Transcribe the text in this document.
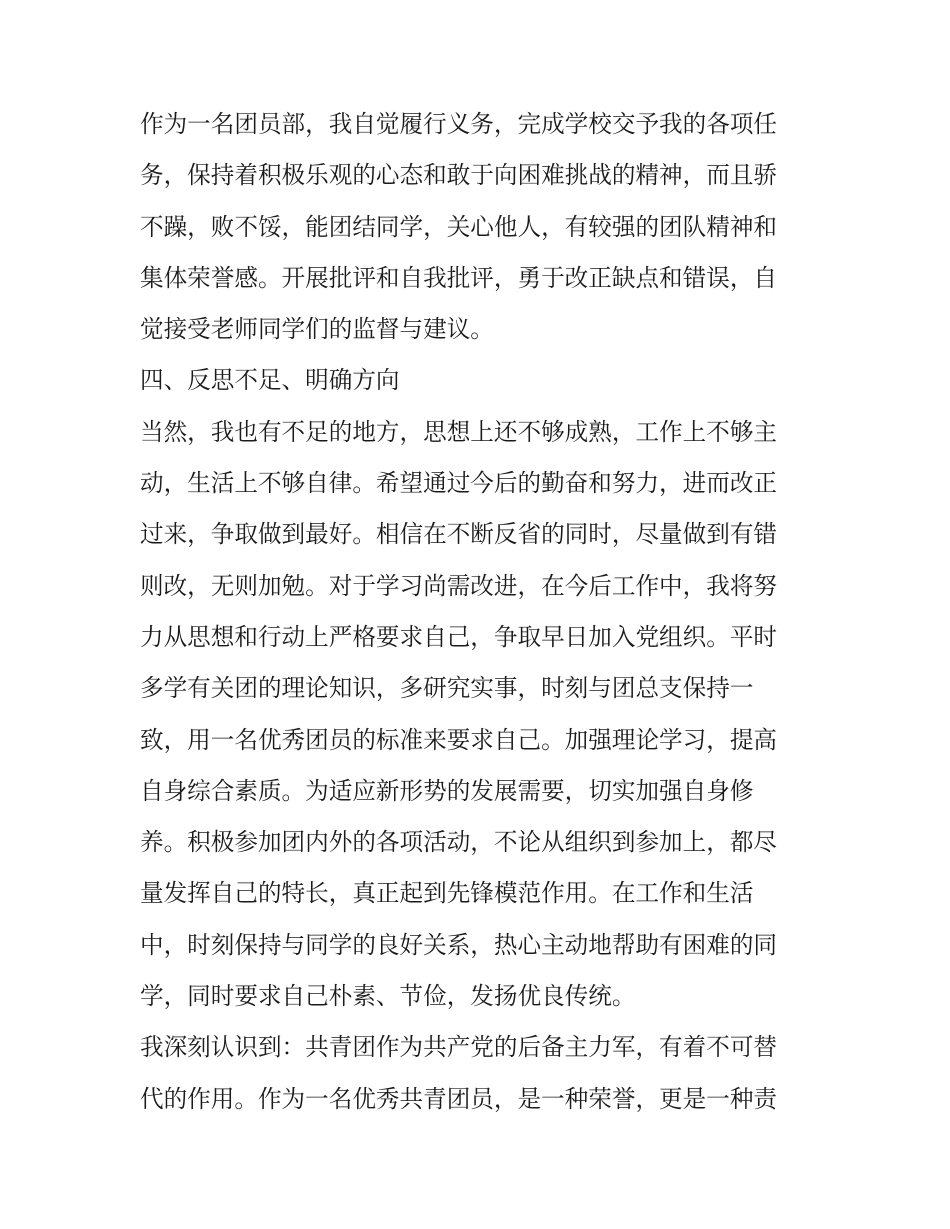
作为一名团员部，我自觉履行义务，完成学校交予我的各项任
务，保持着积极乐观的心态和敢于向困难挑战的精神，而且骄
不躁，败不馁，能团结同学，关心他人，有较强的团队精神和
集体荣誉感。开展批评和自我批评，勇于改正缺点和错误，自
觉接受老师同学们的监督与建议。
四、反思不足、明确方向
当然，我也有不足的地方，思想上还不够成熟，工作上不够主
动，生活上不够自律。希望通过今后的勤奋和努力，进而改正
过来，争取做到最好。相信在不断反省的同时，尽量做到有错
则改，无则加勉。对于学习尚需改进，在今后工作中，我将努
力从思想和行动上严格要求自己，争取早日加入党组织。平时
多学有关团的理论知识，多研究实事，时刻与团总支保持一
致，用一名优秀团员的标准来要求自己。加强理论学习，提高
自身综合素质。为适应新形势的发展需要，切实加强自身修
养。积极参加团内外的各项活动，不论从组织到参加上，都尽
量发挥自己的特长，真正起到先锋模范作用。在工作和生活
中，时刻保持与同学的良好关系，热心主动地帮助有困难的同
学，同时要求自己朴素、节俭，发扬优良传统。
我深刻认识到：共青团作为共产党的后备主力军，有着不可替
代的作用。作为一名优秀共青团员，是一种荣誉，更是一种责
